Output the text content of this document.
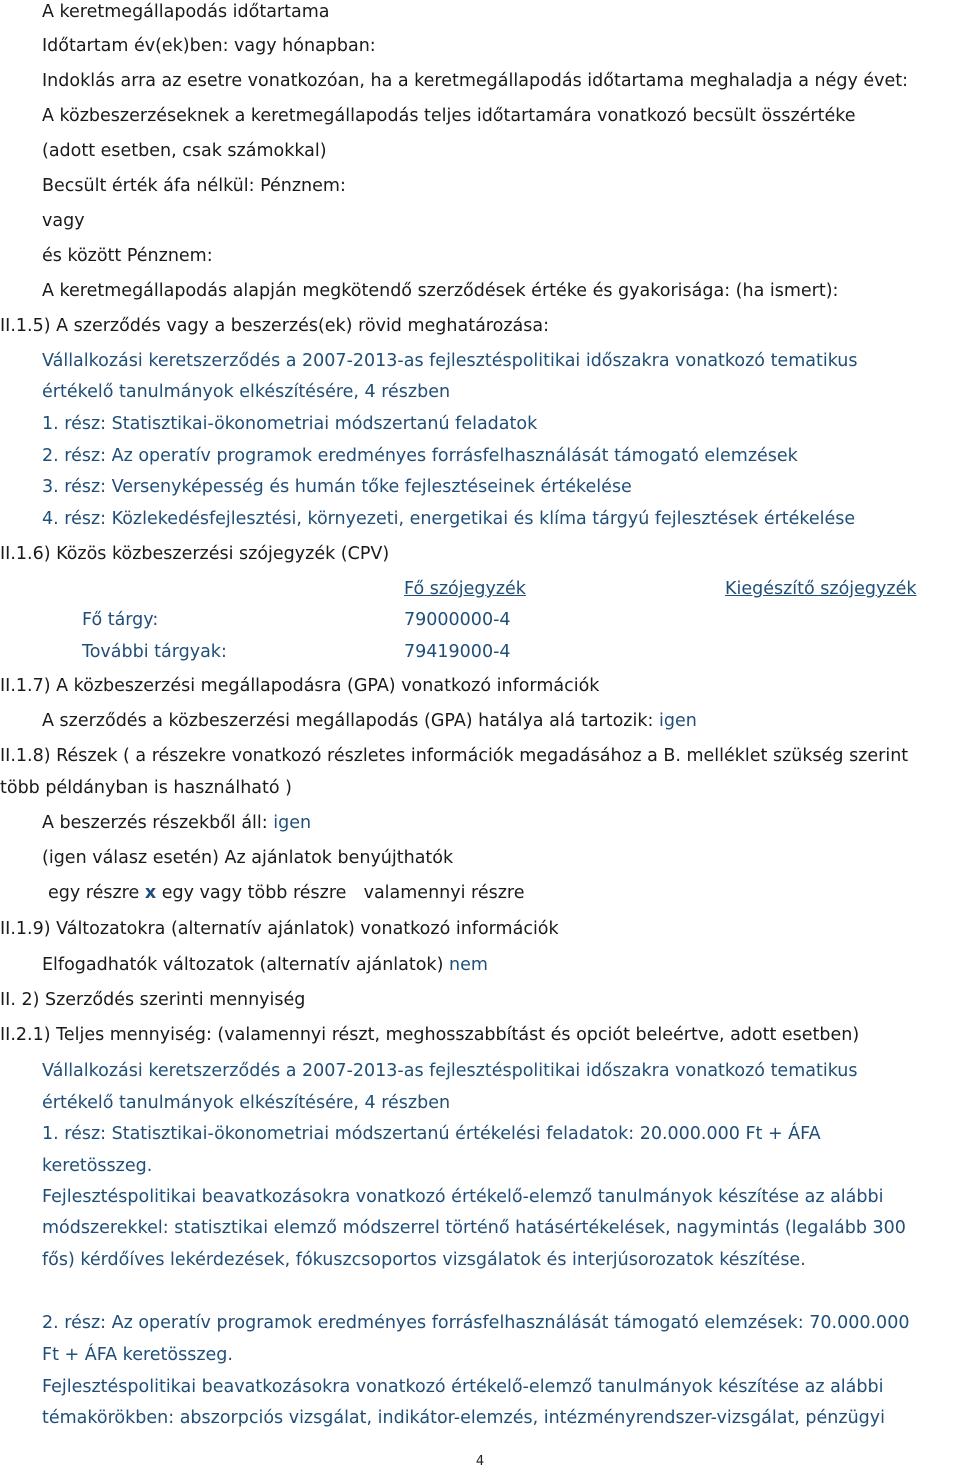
A keretmegállapodás időtartama
Időtartam év(ek)ben: vagy hónapban:
Indoklás arra az esetre vonatkozóan, ha a keretmegállapodás időtartama meghaladja a négy évet:
A közbeszerzéseknek a keretmegállapodás teljes időtartamára vonatkozó becsült összértéke
(adott esetben, csak számokkal)
Becsült érték áfa nélkül: Pénznem:
vagy
és között Pénznem:
A keretmegállapodás alapján megkötendő szerződések értéke és gyakorisága: (ha ismert):
II.1.5) A szerződés vagy a beszerzés(ek) rövid meghatározása:
Vállalkozási keretszerződés a 2007-2013-as fejlesztéspolitikai időszakra vonatkozó tematikus
értékelő tanulmányok elkészítésére, 4 részben
1. rész: Statisztikai-ökonometriai módszertanú feladatok
2. rész: Az operatív programok eredményes forrásfelhasználását támogató elemzések
3. rész: Versenyképesség és humán tőke fejlesztéseinek értékelése
4. rész: Közlekedésfejlesztési, környezeti, energetikai és klíma tárgyú fejlesztések értékelése
II.1.6) Közös közbeszerzési szójegyzék (CPV)
Fő szójegyzék	Kiegészítő szójegyzék
Fő tárgy:	79000000-4
További tárgyak:	79419000-4
II.1.7) A közbeszerzési megállapodásra (GPA) vonatkozó információk
A szerződés a közbeszerzési megállapodás (GPA) hatálya alá tartozik: igen
II.1.8) Részek ( a részekre vonatkozó részletes információk megadásához a B. melléklet szükség szerint
több példányban is használható )
A beszerzés részekből áll: igen
(igen válasz esetén) Az ajánlatok benyújthatók
egy részre x egy vagy több részre valamennyi részre
II.1.9) Változatokra (alternatív ajánlatok) vonatkozó információk
Elfogadhatók változatok (alternatív ajánlatok) nem
II. 2) Szerződés szerinti mennyiség
II.2.1) Teljes mennyiség: (valamennyi részt, meghosszabbítást és opciót beleértve, adott esetben)
Vállalkozási keretszerződés a 2007-2013-as fejlesztéspolitikai időszakra vonatkozó tematikus
értékelő tanulmányok elkészítésére, 4 részben
1. rész: Statisztikai-ökonometriai módszertanú értékelési feladatok: 20.000.000 Ft + ÁFA
keretösszeg.
Fejlesztéspolitikai beavatkozásokra vonatkozó értékelő-elemző tanulmányok készítése az alábbi
módszerekkel: statisztikai elemző módszerrel történő hatásértékelések, nagymintás (legalább 300
fős) kérdőíves lekérdezések, fókuszcsoportos vizsgálatok és interjúsorozatok készítése.
2. rész: Az operatív programok eredményes forrásfelhasználását támogató elemzések: 70.000.000
Ft + ÁFA keretösszeg.
Fejlesztéspolitikai beavatkozásokra vonatkozó értékelő-elemző tanulmányok készítése az alábbi
témakörökben: abszorpciós vizsgálat, indikátor-elemzés, intézményrendszer-vizsgálat, pénzügyi
4
